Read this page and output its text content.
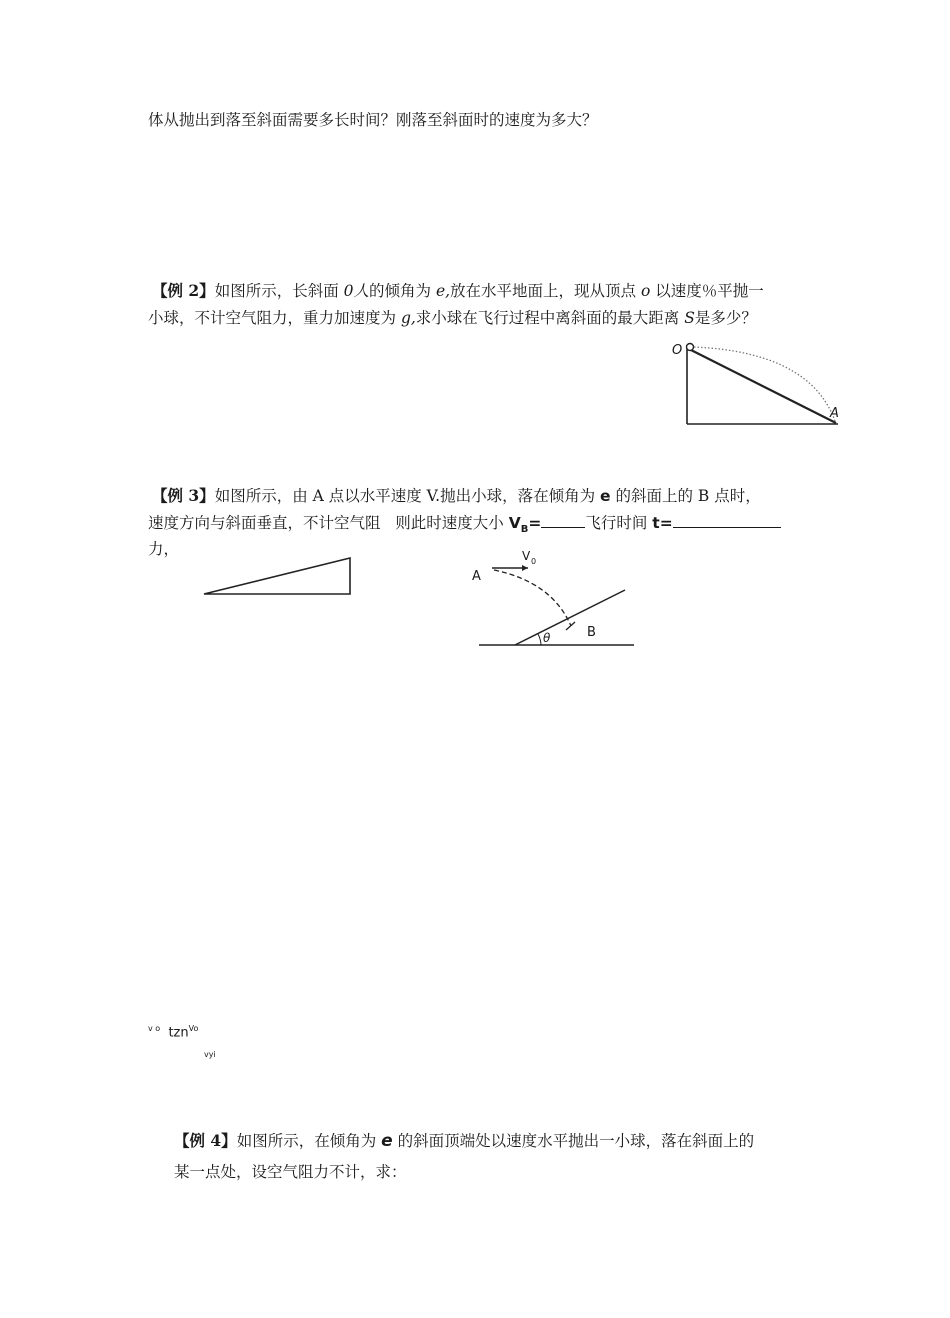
体从抛出到落至斜面需要多长时间？刚落至斜面时的速度为多大？
【例 2】如图所示，长斜面 0人的倾角为 e,放在水平地面上，现从顶点 o 以速度％平抛一
小球，不计空气阻力，重力加速度为 g,求小球在飞行过程中离斜面的最大距离 S是多少？
O
A
【例 3】如图所示，由 A 点以水平速度 V.抛出小球，落在倾角为 e 的斜面上的 B 点时，
速度方向与斜面垂直，不计空气阻 则此时速度大小 $V_B=$	飞行时间 t=
力，
A
V 0
θ	B
$^{v o}$ tzn$^{Vo}$
vyi
【例 4】如图所示，在倾角为 e 的斜面顶端处以速度水平抛出一小球，落在斜面上的
某一点处，设空气阻力不计，求：
